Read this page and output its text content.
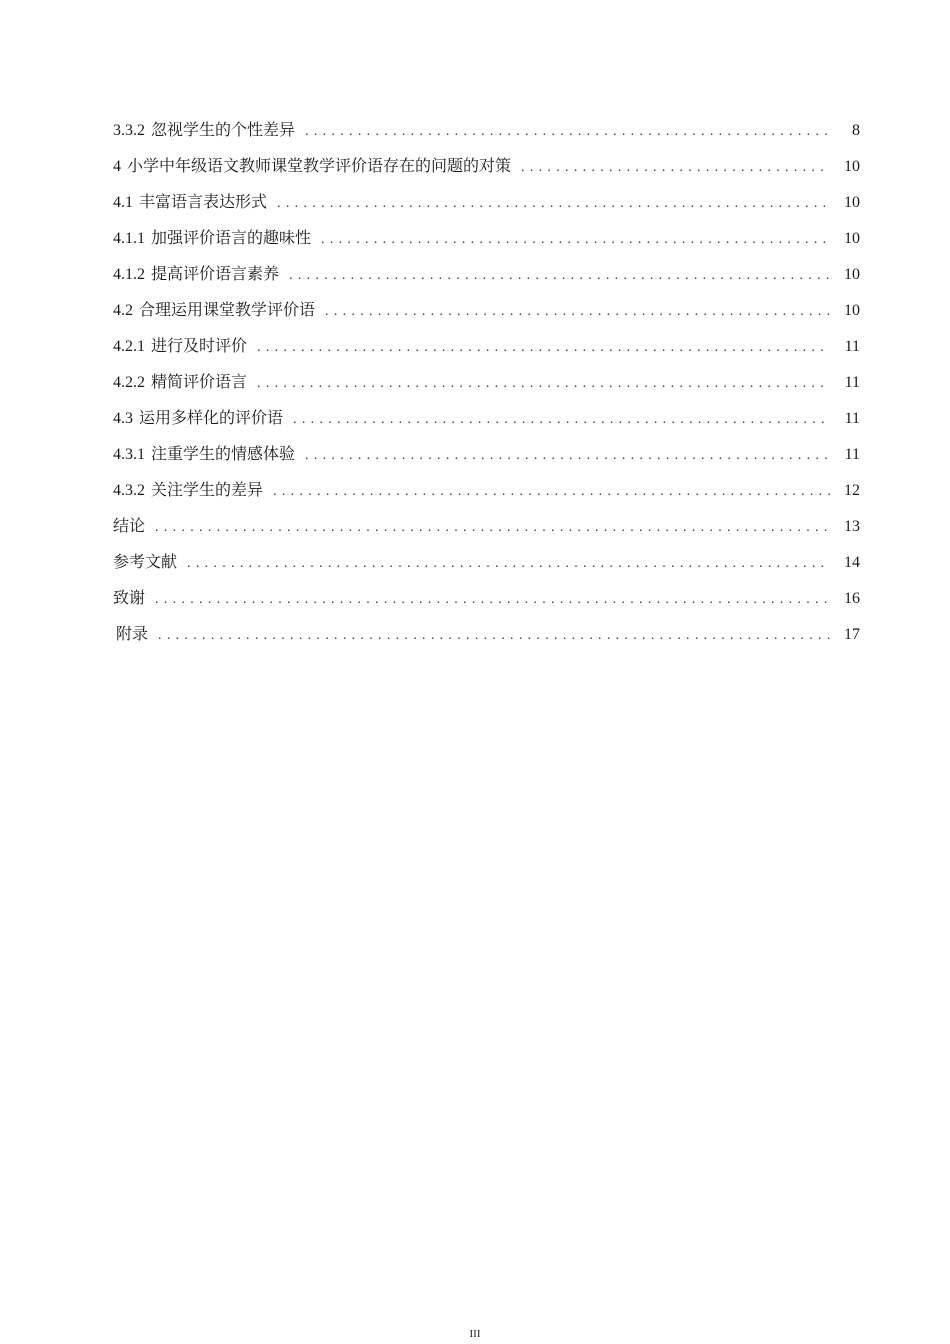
3.3.2 忽视学生的个性差异 . . .	8
4 小学中年级语文教师课堂教学评价语存在的问题的对策 . . .	10
4.1 丰富语言表达形式 . . .	10
4.1.1 加强评价语言的趣味性 . . .	10
4.1.2 提高评价语言素养 . . .	10
4.2 合理运用课堂教学评价语 . . .	10
4.2.1 进行及时评价 . . .	11
4.2.2 精简评价语言 . . .	11
4.3 运用多样化的评价语 . . .	11
4.3.1 注重学生的情感体验 . . .	11
4.3.2 关注学生的差异 . . .	12
结论 . . .	13
参考文献 . . .	14
致谢 . . .	16
附录 . . .	17
III
